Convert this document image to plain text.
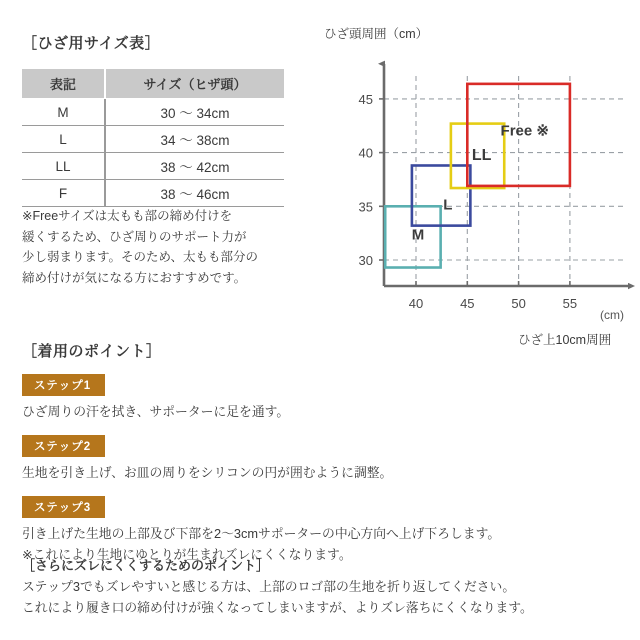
［ひざ用サイズ表］
表記	サイズ（ヒザ頭）
M	30 ～ 34cm
L	34 ～ 38cm
LL	38 ～ 42cm
F	38 ～ 46cm
※Freeサイズは太もも部の締め付けを
緩くするため、ひざ周りのサポート力が
少し弱まります。そのため、太もも部分の
締め付けが気になる方におすすめです。
ひざ頭周囲（cm）
M
L
LL
Free ※
30
35
40
45
40	45	50	55
(cm)
ひざ上10cm周囲
［着用のポイント］
ステップ1
ひざ周りの汗を拭き、サポーターに足を通す。
ステップ2
生地を引き上げ、お皿の周りをシリコンの円が囲むように調整。
ステップ3
引き上げた生地の上部及び下部を2～3cmサポーターの中心方向へ上げ下ろします。
※これにより生地にゆとりが生まれズレにくくなります。
［さらにズレにくくするためのポイント］
ステップ3でもズレやすいと感じる方は、上部のロゴ部の生地を折り返してください。
これにより履き口の締め付けが強くなってしまいますが、よりズレ落ちにくくなります。
